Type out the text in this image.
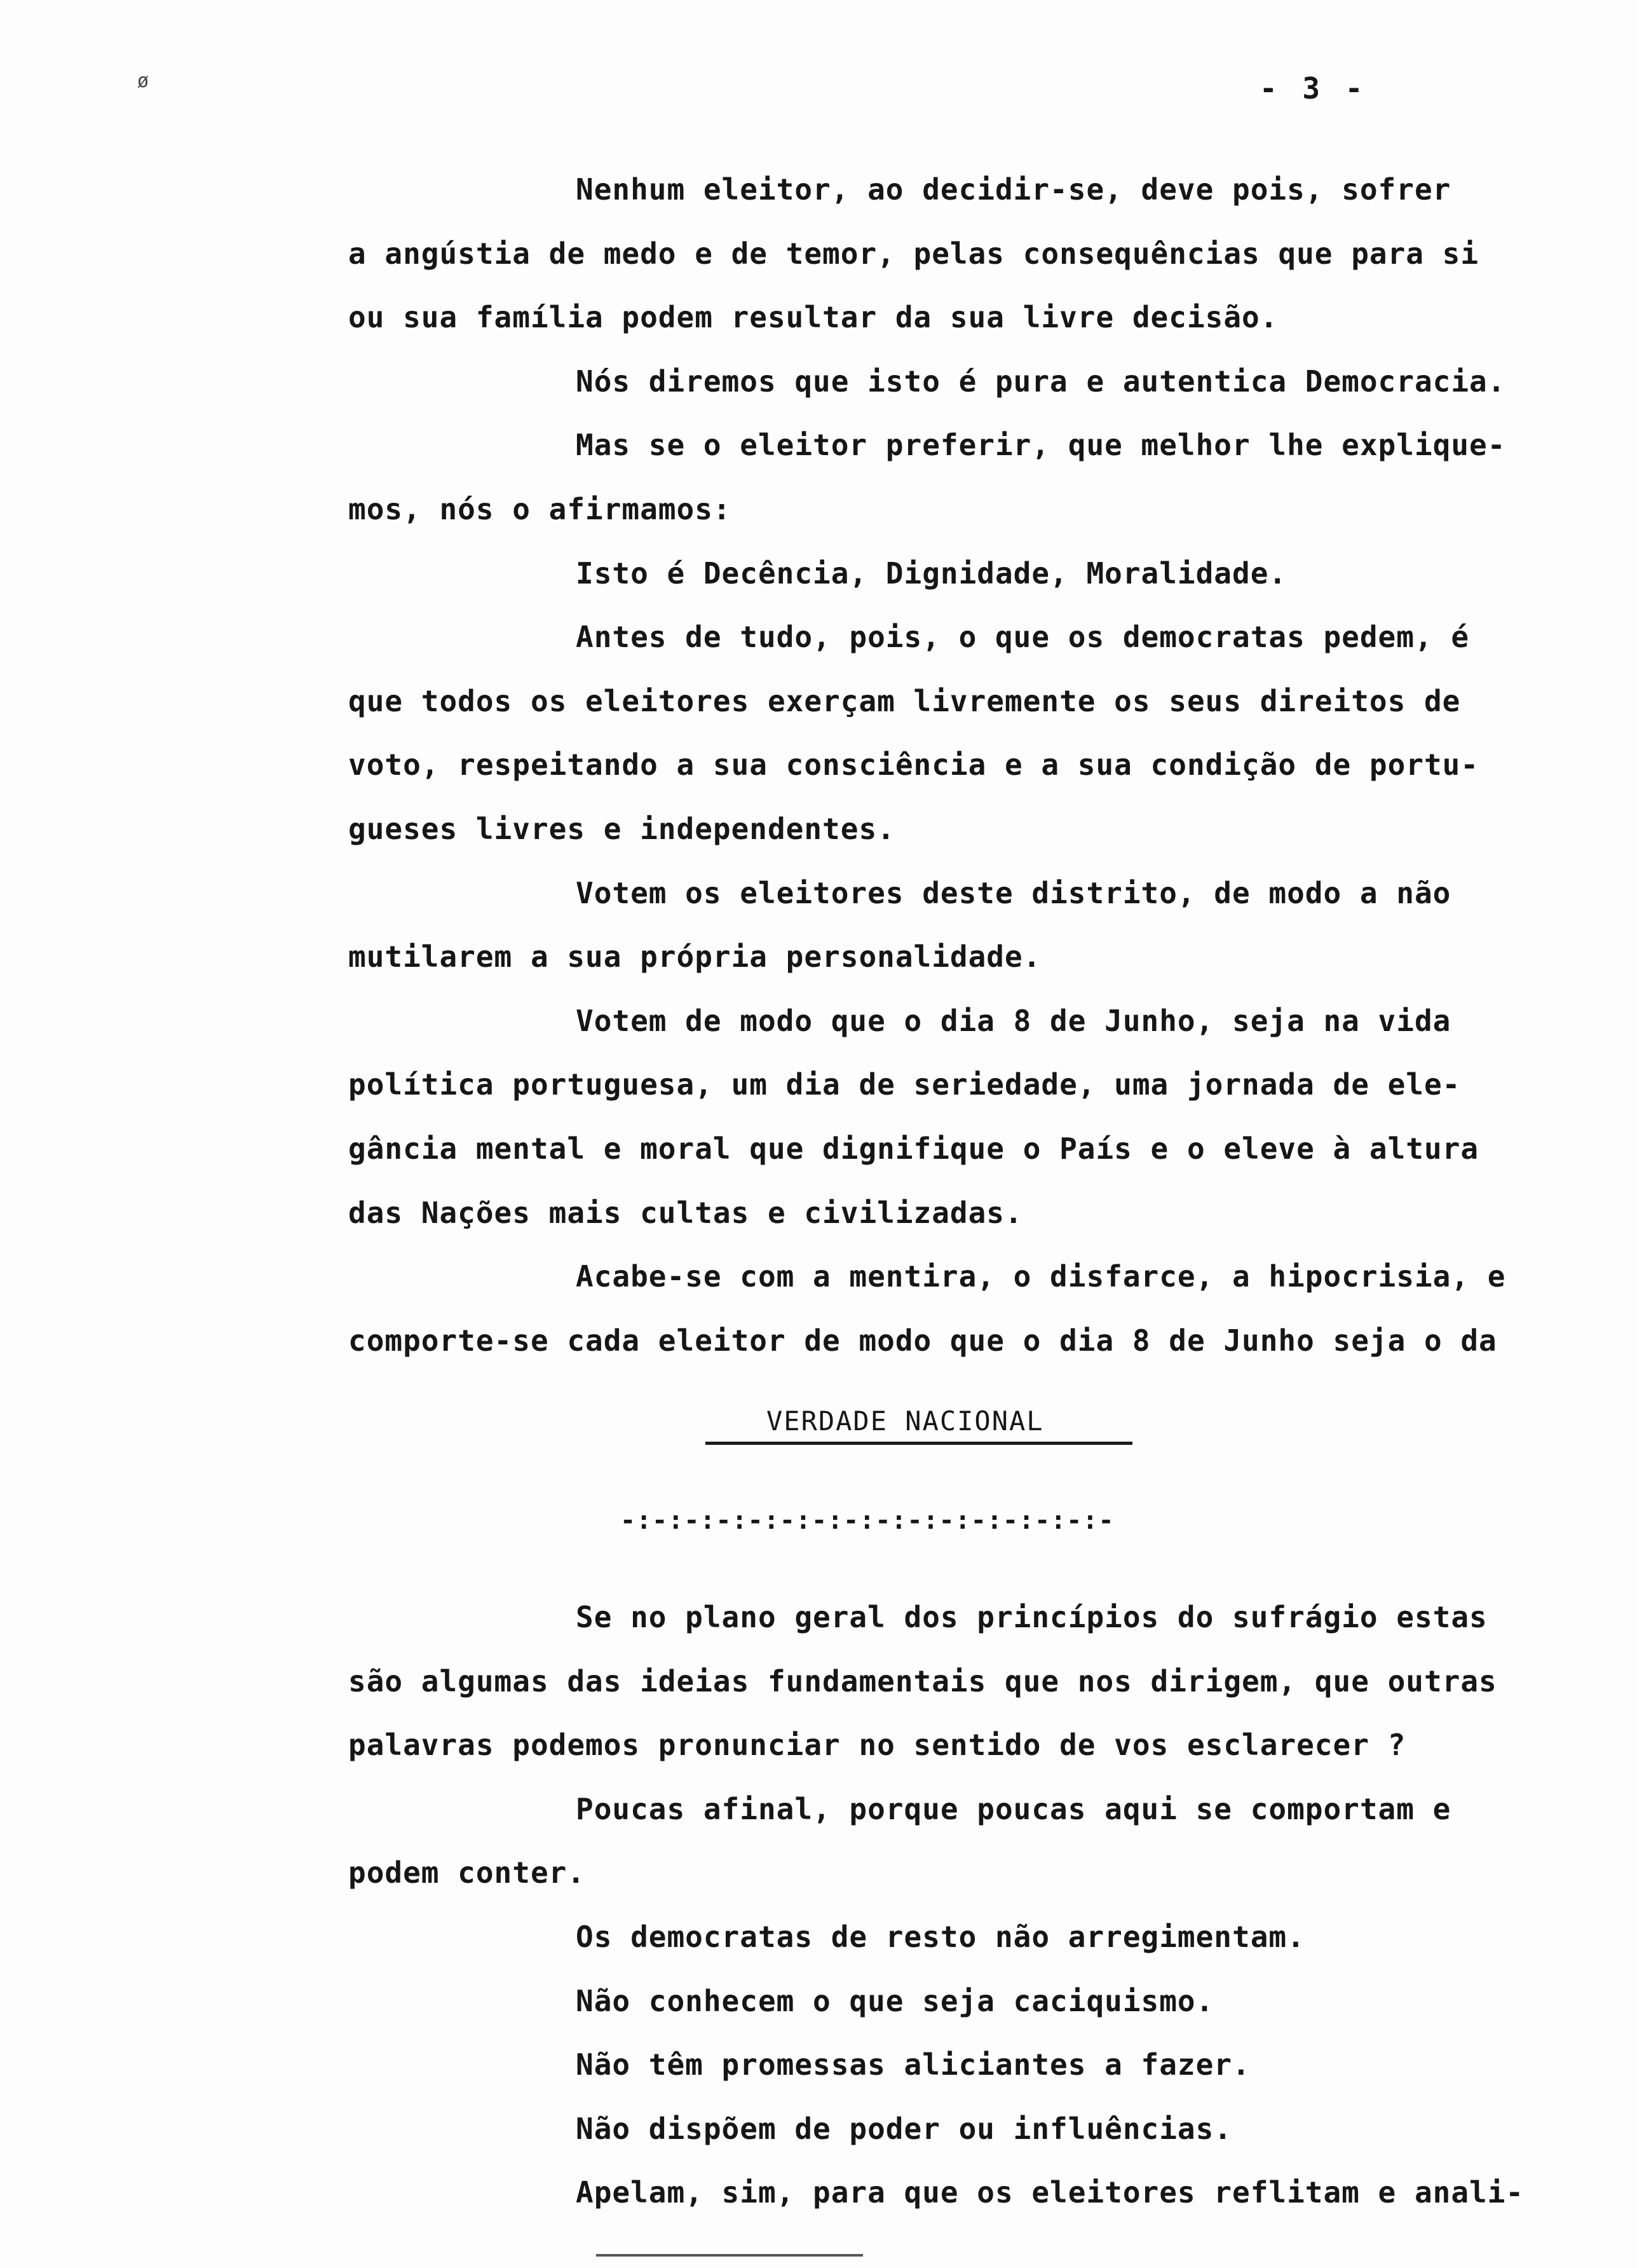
ø	- 3 -
Nenhum eleitor, ao decidir-se, deve pois, sofrer
a angústia de medo e de temor, pelas consequências que para si
ou sua família podem resultar da sua livre decisão.
Nós diremos que isto é pura e autentica Democracia.
Mas se o eleitor preferir, que melhor lhe explique-
mos, nós o afirmamos:
Isto é Decência, Dignidade, Moralidade.
Antes de tudo, pois, o que os democratas pedem, é
que todos os eleitores exerçam livremente os seus direitos de
voto, respeitando a sua consciência e a sua condição de portu-
gueses livres e independentes.
Votem os eleitores deste distrito, de modo a não
mutilarem a sua própria personalidade.
Votem de modo que o dia 8 de Junho, seja na vida
política portuguesa, um dia de seriedade, uma jornada de ele-
gância mental e moral que dignifique o País e o eleve à altura
das Nações mais cultas e civilizadas.
Acabe-se com a mentira, o disfarce, a hipocrisia, e
comporte-se cada eleitor de modo que o dia 8 de Junho seja o da
VERDADE NACIONAL
-:-:-:-:-:-:-:-:-:-:-:-:-:-:-:-
Se no plano geral dos princípios do sufrágio estas
são algumas das ideias fundamentais que nos dirigem, que outras
palavras podemos pronunciar no sentido de vos esclarecer ?
Poucas afinal, porque poucas aqui se comportam e
podem conter.
Os democratas de resto não arregimentam.
Não conhecem o que seja caciquismo.
Não têm promessas aliciantes a fazer.
Não dispõem de poder ou influências.
Apelam, sim, para que os eleitores reflitam e anali-
